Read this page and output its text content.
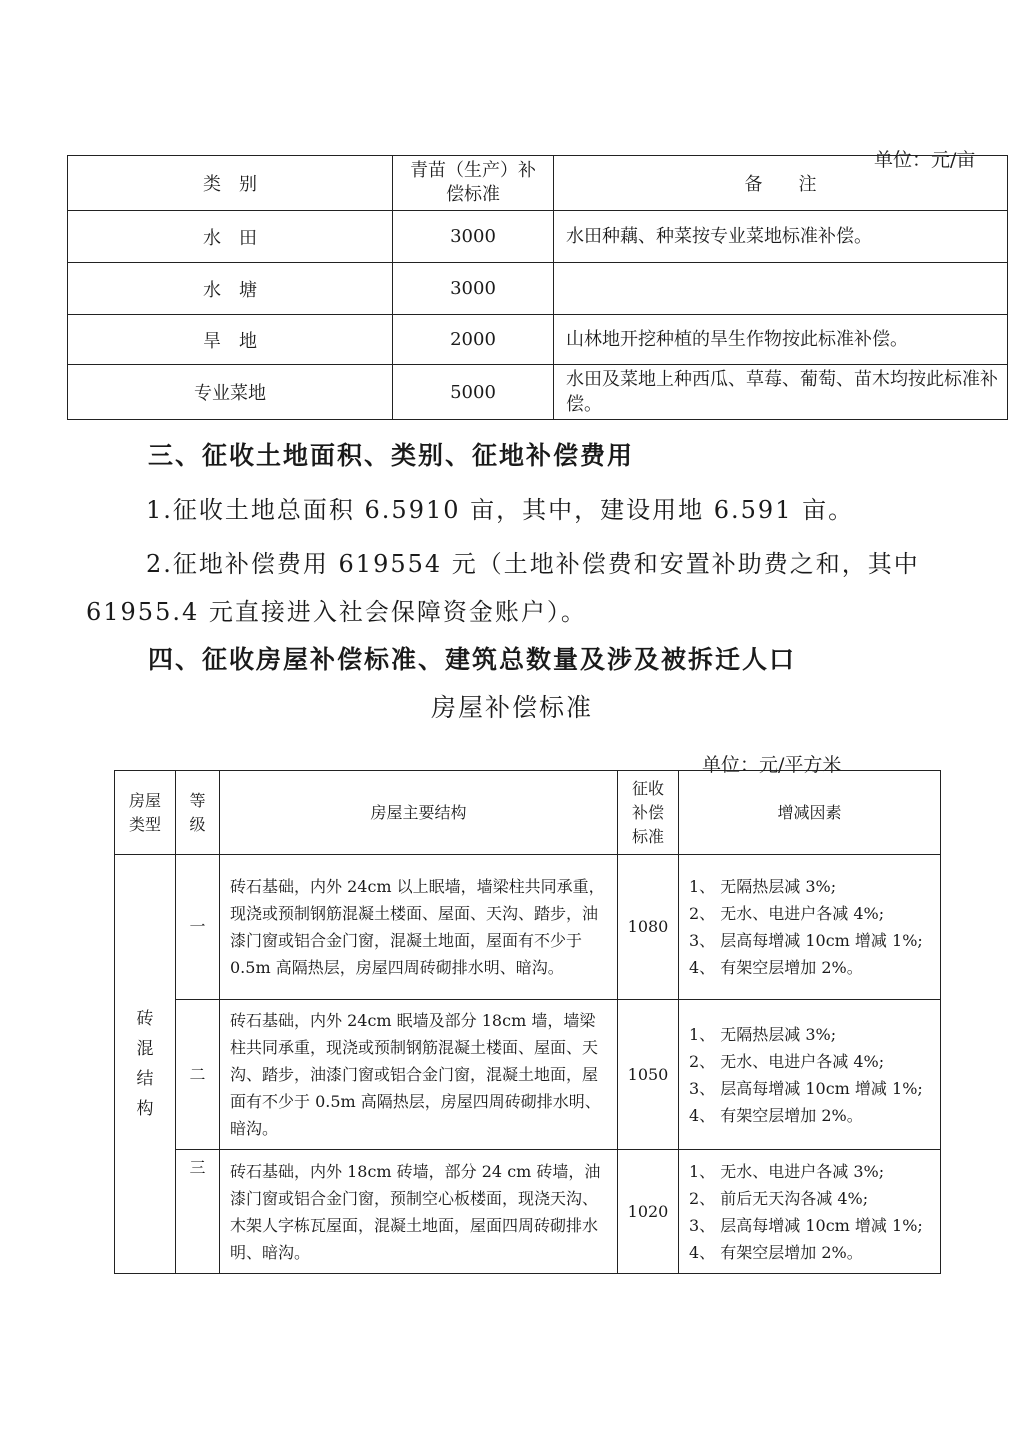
单位：元/亩
类　别	青苗（生产）补偿标准	备　　注
水　田	3000	水田种藕、种菜按专业菜地标准补偿。
水　塘	3000	
旱　地	2000	山林地开挖种植的旱生作物按此标准补偿。
专业菜地	5000	水田及菜地上种西瓜、草莓、葡萄、苗木均按此标准补偿。
三、征收土地面积、类别、征地补偿费用
1.征收土地总面积 6.5910 亩，其中，建设用地 6.591 亩。
2.征地补偿费用 619554 元（土地补偿费和安置补助费之和，其中
61955.4 元直接进入社会保障资金账户）。
四、征收房屋补偿标准、建筑总数量及涉及被拆迁人口
房屋补偿标准
单位：元/平方米
房屋类型	等级	房屋主要结构	征收补偿标准	增减因素

砖混结构	一	砖石基础，内外 24cm 以上眠墙，墙梁柱共同承重，现浇或预制钢筋混凝土楼面、屋面、天沟、踏步，油漆门窗或铝合金门窗，混凝土地面，屋面有不少于 0.5m 高隔热层，房屋四周砖砌排水明、暗沟。	1080	1、 无隔热层减 3%;
2、 无水、电进户各减 4%;
3、 层高每增减 10cm 增减 1%;
4、 有架空层增加 2%。

	二	砖石基础，内外 24cm 眠墙及部分 18cm 墙，墙梁柱共同承重，现浇或预制钢筋混凝土楼面、屋面、天沟、踏步，油漆门窗或铝合金门窗，混凝土地面，屋面有不少于 0.5m 高隔热层，房屋四周砖砌排水明、暗沟。	1050	1、 无隔热层减 3%;
2、 无水、电进户各减 4%;
3、 层高每增减 10cm 增减 1%;
4、 有架空层增加 2%。

	三	砖石基础，内外 18cm 砖墙，部分 24 cm 砖墙，油漆门窗或铝合金门窗，预制空心板楼面，现浇天沟、木架人字栋瓦屋面，混凝土地面，屋面四周砖砌排水明、暗沟。	1020	1、 无水、电进户各减 3%;
2、 前后无天沟各减 4%;
3、 层高每增减 10cm 增减 1%;
4、 有架空层增加 2%。
